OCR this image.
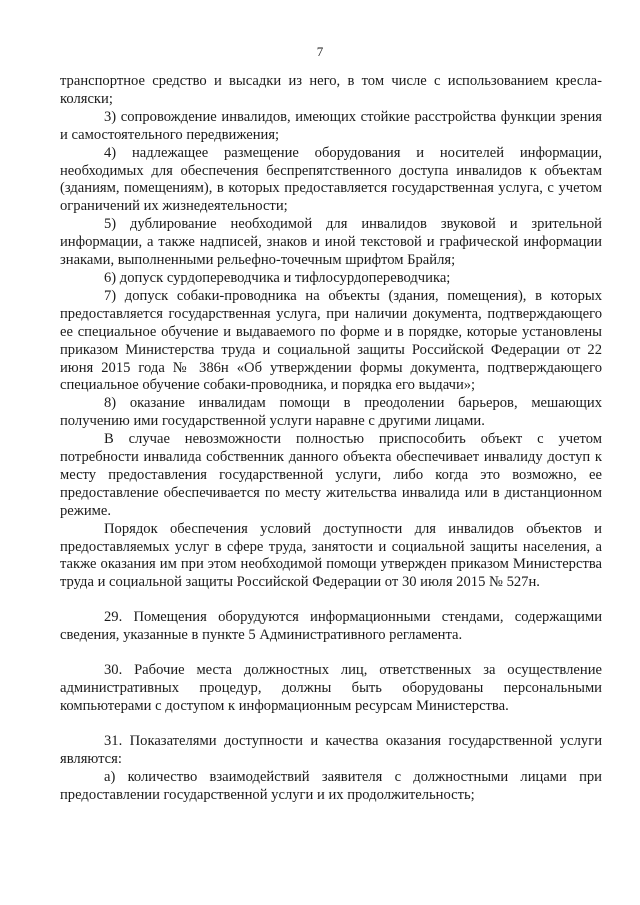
7

транспортное средство и высадки из него, в том числе с использованием кресла-коляски;

3) сопровождение инвалидов, имеющих стойкие расстройства функции зрения и самостоятельного передвижения;

4) надлежащее размещение оборудования и носителей информации, необходимых для обеспечения беспрепятственного доступа инвалидов к объектам (зданиям, помещениям), в которых предоставляется государственная услуга, с учетом ограничений их жизнедеятельности;

5) дублирование необходимой для инвалидов звуковой и зрительной информации, а также надписей, знаков и иной текстовой и графической информации знаками, выполненными рельефно-точечным шрифтом Брайля;

6) допуск сурдопереводчика и тифлосурдопереводчика;

7) допуск собаки-проводника на объекты (здания, помещения), в которых предоставляется государственная услуга, при наличии документа, подтверждающего ее специальное обучение и выдаваемого по форме и в порядке, которые установлены приказом Министерства труда и социальной защиты Российской Федерации от 22 июня 2015 года № 386н «Об утверждении формы документа, подтверждающего специальное обучение собаки-проводника, и порядка его выдачи»;

8) оказание инвалидам помощи в преодолении барьеров, мешающих получению ими государственной услуги наравне с другими лицами.

В случае невозможности полностью приспособить объект с учетом потребности инвалида собственник данного объекта обеспечивает инвалиду доступ к месту предоставления государственной услуги, либо когда это возможно, ее предоставление обеспечивается по месту жительства инвалида или в дистанционном режиме.

Порядок обеспечения условий доступности для инвалидов объектов и предоставляемых услуг в сфере труда, занятости и социальной защиты населения, а также оказания им при этом необходимой помощи утвержден приказом Министерства труда и социальной защиты Российской Федерации от 30 июля 2015 № 527н.

29. Помещения оборудуются информационными стендами, содержащими сведения, указанные в пункте 5 Административного регламента.

30. Рабочие места должностных лиц, ответственных за осуществление административных процедур, должны быть оборудованы персональными компьютерами с доступом к информационным ресурсам Министерства.

31. Показателями доступности и качества оказания государственной услуги являются:

а) количество взаимодействий заявителя с должностными лицами при предоставлении государственной услуги и их продолжительность;
